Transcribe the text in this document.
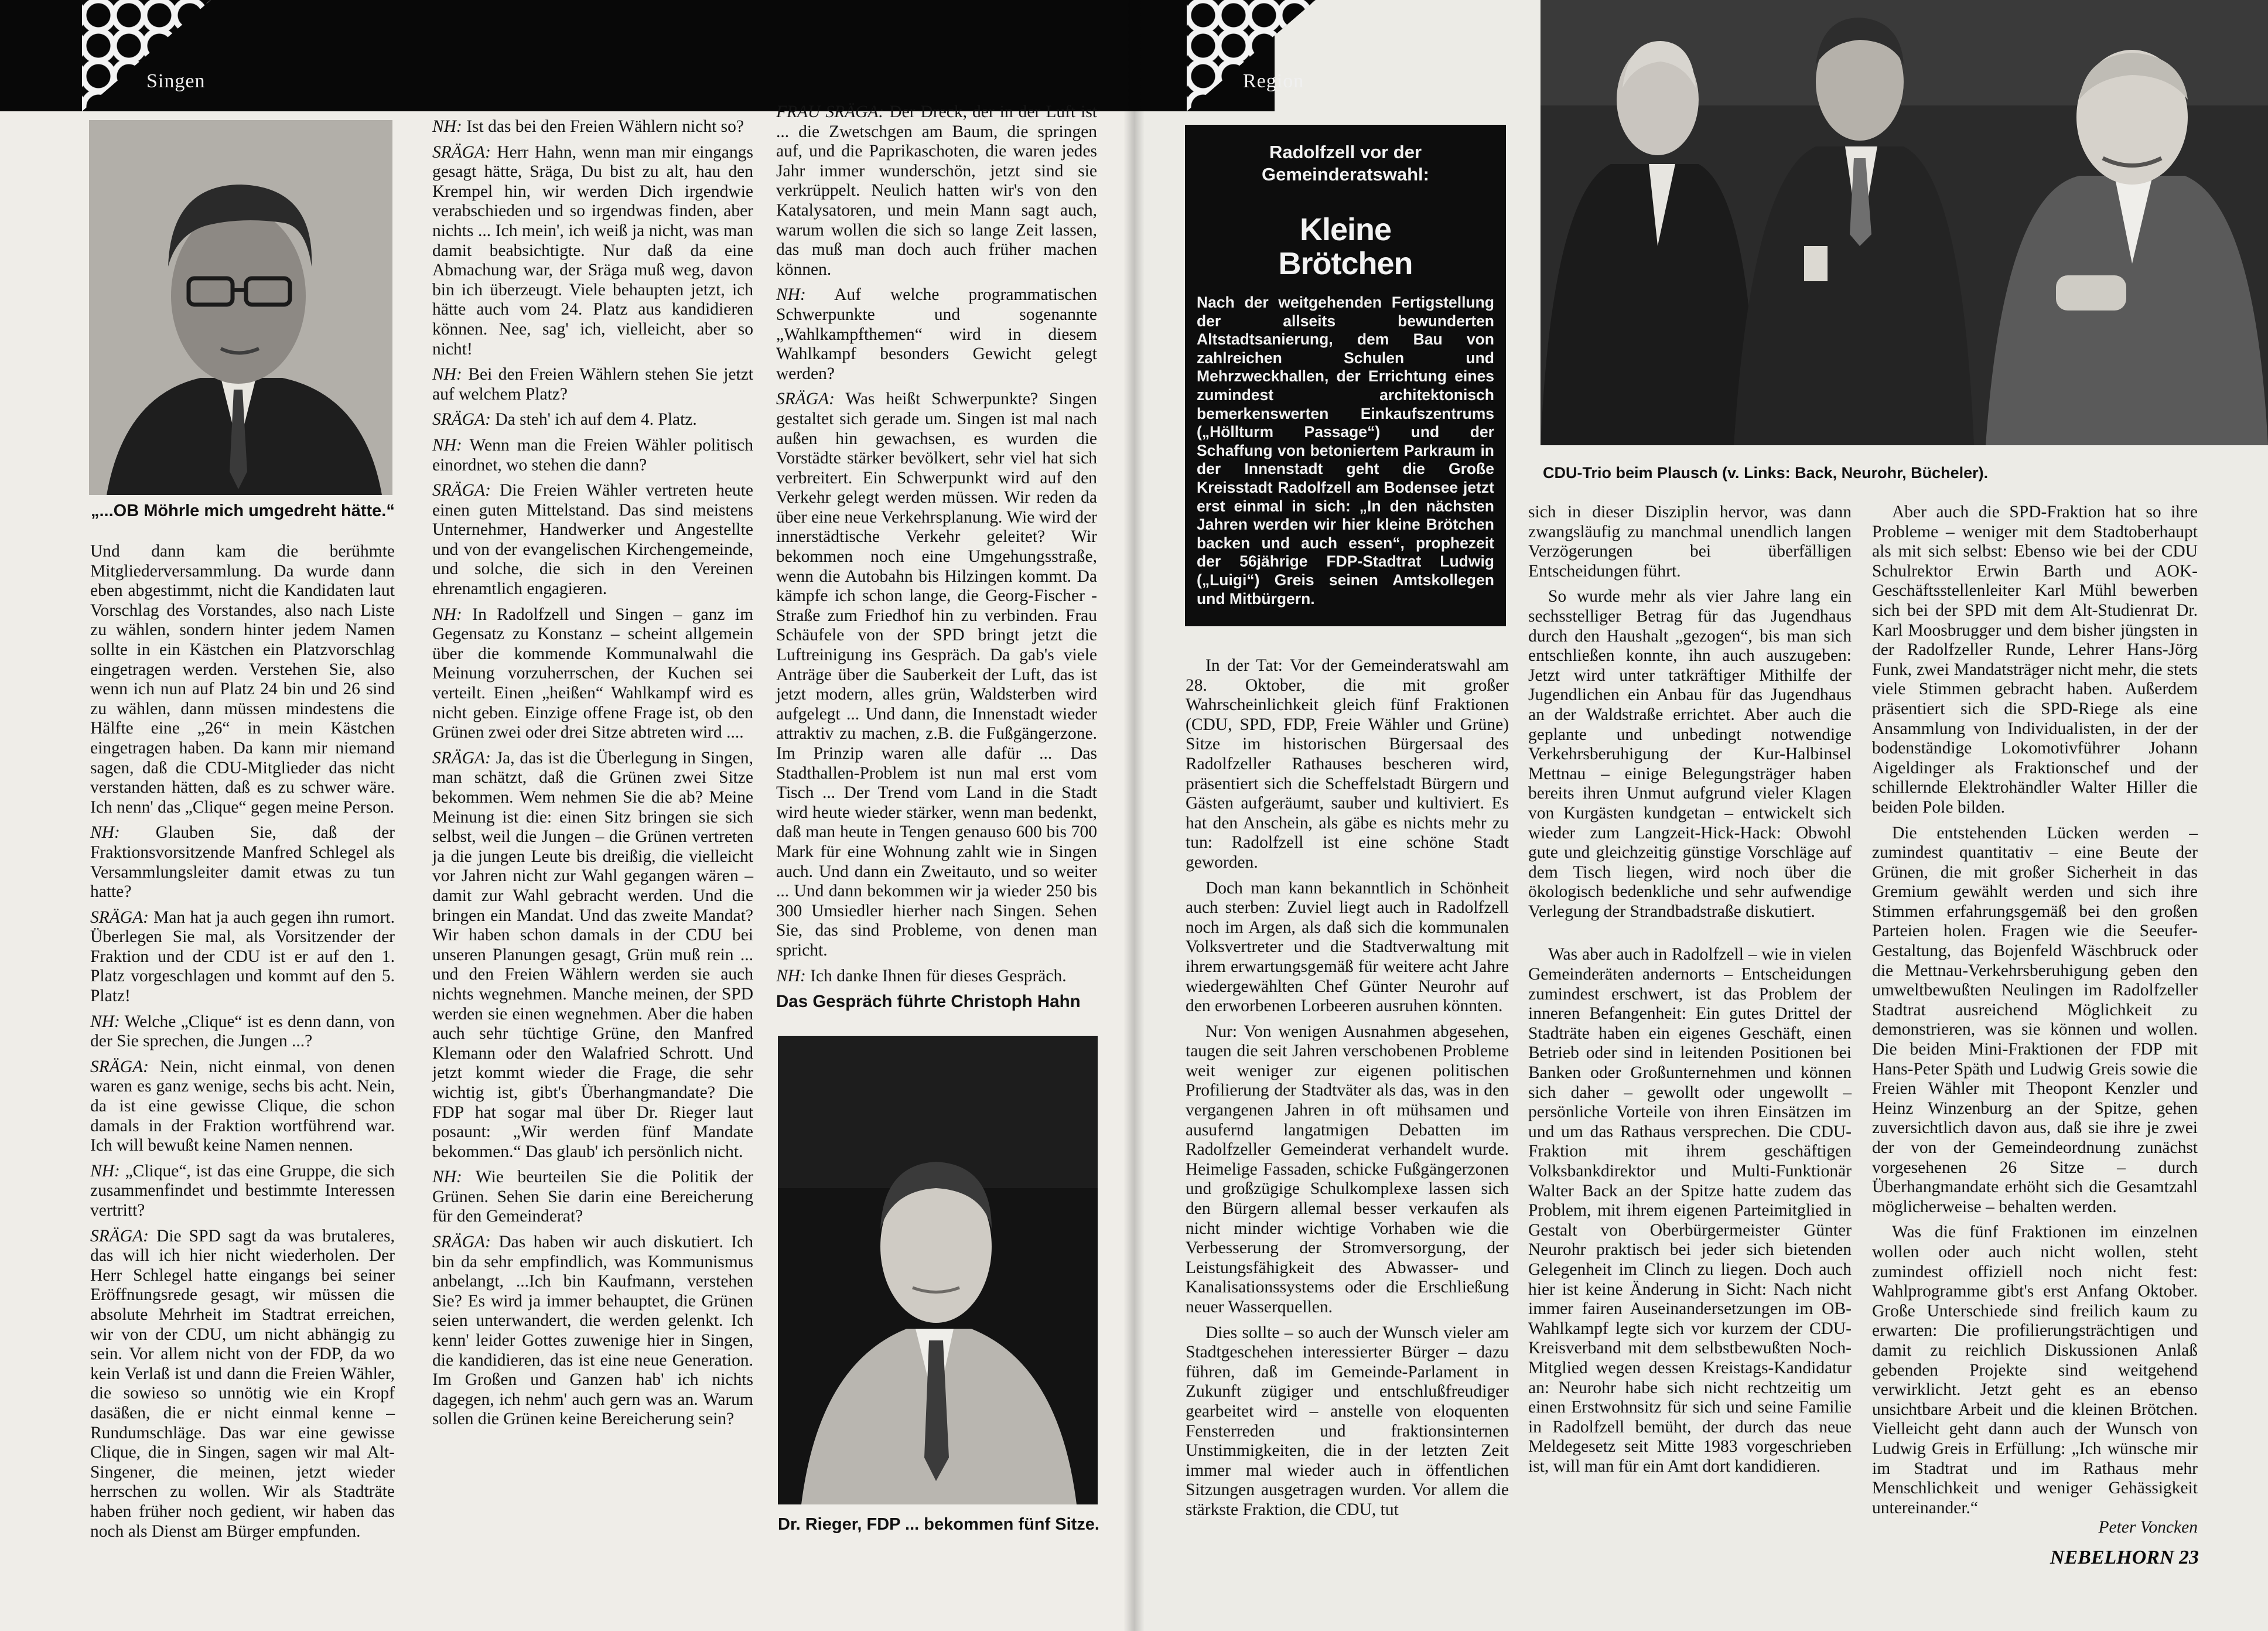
Singen
„...OB Möhrle mich umgedreht hätte.“

Und dann kam die berühmte Mitgliederversammlung. Da wurde dann eben abgestimmt, nicht die Kandidaten laut Vorschlag des Vorstandes, also nach Liste zu wählen, sondern hinter jedem Namen sollte in ein Kästchen ein Platzvorschlag eingetragen werden. Verstehen Sie, also wenn ich nun auf Platz 24 bin und 26 sind zu wählen, dann müssen mindestens die Hälfte eine „26“ in mein Kästchen eingetragen haben. Da kann mir niemand sagen, daß die CDU-Mitglieder das nicht verstanden hätten, daß es zu schwer wäre. Ich nenn' das „Clique“ gegen meine Person.

NH: Glauben Sie, daß der Fraktionsvorsitzende Manfred Schlegel als Versammlungsleiter damit etwas zu tun hatte?

SRÄGA: Man hat ja auch gegen ihn rumort. Überlegen Sie mal, als Vorsitzender der Fraktion und der CDU ist er auf den 1. Platz vorgeschlagen und kommt auf den 5. Platz!

NH: Welche „Clique“ ist es denn dann, von der Sie sprechen, die Jungen ...?

SRÄGA: Nein, nicht einmal, von denen waren es ganz wenige, sechs bis acht. Nein, da ist eine gewisse Clique, die schon damals in der Fraktion wortführend war. Ich will bewußt keine Namen nennen.

NH: „Clique“, ist das eine Gruppe, die sich zusammenfindet und bestimmte Interessen vertritt?

SRÄGA: Die SPD sagt da was brutaleres, das will ich hier nicht wiederholen. Der Herr Schlegel hatte eingangs bei seiner Eröffnungsrede gesagt, wir müssen die absolute Mehrheit im Stadtrat erreichen, wir von der CDU, um nicht abhängig zu sein. Vor allem nicht von der FDP, da wo kein Verlaß ist und dann die Freien Wähler, die sowieso so unnötig wie ein Kropf dasäßen, die er nicht einmal kenne – Rundumschläge. Das war eine gewisse Clique, die in Singen, sagen wir mal Alt-Singener, die meinen, jetzt wieder herrschen zu wollen. Wir als Stadträte haben früher noch gedient, wir haben das noch als Dienst am Bürger empfunden.

NH: Ist das bei den Freien Wählern nicht so?

SRÄGA: Herr Hahn, wenn man mir eingangs gesagt hätte, Sräga, Du bist zu alt, hau den Krempel hin, wir werden Dich irgendwie verabschieden und so irgendwas finden, aber nichts ... Ich mein', ich weiß ja nicht, was man damit beabsichtigte. Nur daß da eine Abmachung war, der Sräga muß weg, davon bin ich überzeugt. Viele behaupten jetzt, ich hätte auch vom 24. Platz aus kandidieren können. Nee, sag' ich, vielleicht, aber so nicht!

NH: Bei den Freien Wählern stehen Sie jetzt auf welchem Platz?

SRÄGA: Da steh' ich auf dem 4. Platz.

NH: Wenn man die Freien Wähler politisch einordnet, wo stehen die dann?

SRÄGA: Die Freien Wähler vertreten heute einen guten Mittelstand. Das sind meistens Unternehmer, Handwerker und Angestellte und von der evangelischen Kirchengemeinde, und solche, die sich in den Vereinen ehrenamtlich engagieren.

NH: In Radolfzell und Singen – ganz im Gegensatz zu Konstanz – scheint allgemein über die kommende Kommunalwahl die Meinung vorzuherrschen, der Kuchen sei verteilt. Einen „heißen“ Wahlkampf wird es nicht geben. Einzige offene Frage ist, ob den Grünen zwei oder drei Sitze abtreten wird ....

SRÄGA: Ja, das ist die Überlegung in Singen, man schätzt, daß die Grünen zwei Sitze bekommen. Wem nehmen Sie die ab? Meine Meinung ist die: einen Sitz bringen sie sich selbst, weil die Jungen – die Grünen vertreten ja die jungen Leute bis dreißig, die vielleicht vor Jahren nicht zur Wahl gegangen wären – damit zur Wahl gebracht werden. Und die bringen ein Mandat. Und das zweite Mandat? Wir haben schon damals in der CDU bei unseren Planungen gesagt, Grün muß rein ... und den Freien Wählern werden sie auch nichts wegnehmen. Manche meinen, der SPD werden sie einen wegnehmen. Aber die haben auch sehr tüchtige Grüne, den Manfred Klemann oder den Walafried Schrott. Und jetzt kommt wieder die Frage, die sehr wichtig ist, gibt's Überhangmandate? Die FDP hat sogar mal über Dr. Rieger laut posaunt: „Wir werden fünf Mandate bekommen.“ Das glaub' ich persönlich nicht.

NH: Wie beurteilen Sie die Politik der Grünen. Sehen Sie darin eine Bereicherung für den Gemeinderat?

SRÄGA: Das haben wir auch diskutiert. Ich bin da sehr empfindlich, was Kommunismus anbelangt, ...Ich bin Kaufmann, verstehen Sie? Es wird ja immer behauptet, die Grünen seien unterwandert, die werden gelenkt. Ich kenn' leider Gottes zuwenige hier in Singen, die kandidieren, das ist eine neue Generation. Im Großen und Ganzen hab' ich nichts dagegen, ich nehm' auch gern was an. Warum sollen die Grünen keine Bereicherung sein?

FRAU SRÄGA: Der Dreck, der in der Luft ist ... die Zwetschgen am Baum, die springen auf, und die Paprikaschoten, die waren jedes Jahr immer wunderschön, jetzt sind sie verkrüppelt. Neulich hatten wir's von den Katalysatoren, und mein Mann sagt auch, warum wollen die sich so lange Zeit lassen, das muß man doch auch früher machen können.

NH: Auf welche programmatischen Schwerpunkte und sogenannte „Wahlkampfthemen“ wird in diesem Wahlkampf besonders Gewicht gelegt werden?

SRÄGA: Was heißt Schwerpunkte? Singen gestaltet sich gerade um. Singen ist mal nach außen hin gewachsen, es wurden die Vorstädte stärker bevölkert, sehr viel hat sich verbreitert. Ein Schwerpunkt wird auf den Verkehr gelegt werden müssen. Wir reden da über eine neue Verkehrsplanung. Wie wird der innerstädtische Verkehr geleitet? Wir bekommen noch eine Umgehungsstraße, wenn die Autobahn bis Hilzingen kommt. Da kämpfe ich schon lange, die Georg-Fischer -Straße zum Friedhof hin zu verbinden. Frau Schäufele von der SPD bringt jetzt die Luftreinigung ins Gespräch. Da gab's viele Anträge über die Sauberkeit der Luft, das ist jetzt modern, alles grün, Waldsterben wird aufgelegt ... Und dann, die Innenstadt wieder attraktiv zu machen, z.B. die Fußgängerzone. Im Prinzip waren alle dafür ... Das Stadthallen-Problem ist nun mal erst vom Tisch ... Der Trend vom Land in die Stadt wird heute wieder stärker, wenn man bedenkt, daß man heute in Tengen genauso 600 bis 700 Mark für eine Wohnung zahlt wie in Singen auch. Und dann ein Zweitauto, und so weiter ... Und dann bekommen wir ja wieder 250 bis 300 Umsiedler hierher nach Singen. Sehen Sie, das sind Probleme, von denen man spricht.

NH: Ich danke Ihnen für dieses Gespräch.

Das Gespräch führte Christoph Hahn

Dr. Rieger, FDP ... bekommen fünf Sitze.
Region
CDU-Trio beim Plausch (v. Links: Back, Neurohr, Bücheler).

In der Tat: Vor der Gemeinderatswahl am 28. Oktober, die mit großer Wahrscheinlichkeit gleich fünf Fraktionen (CDU, SPD, FDP, Freie Wähler und Grüne) Sitze im historischen Bürgersaal des Radolfzeller Rathauses bescheren wird, präsentiert sich die Scheffelstadt Bürgern und Gästen aufgeräumt, sauber und kultiviert. Es hat den Anschein, als gäbe es nichts mehr zu tun: Radolfzell ist eine schöne Stadt geworden.

Doch man kann bekanntlich in Schönheit auch sterben: Zuviel liegt auch in Radolfzell noch im Argen, als daß sich die kommunalen Volksvertreter und die Stadtverwaltung mit ihrem erwartungsgemäß für weitere acht Jahre wiedergewählten Chef Günter Neurohr auf den erworbenen Lorbeeren ausruhen könnten.

Nur: Von wenigen Ausnahmen abgesehen, taugen die seit Jahren verschobenen Probleme weit weniger zur eigenen politischen Profilierung der Stadtväter als das, was in den vergangenen Jahren in oft mühsamen und ausufernd langatmigen Debatten im Radolfzeller Gemeinderat verhandelt wurde. Heimelige Fassaden, schicke Fußgängerzonen und großzügige Schulkomplexe lassen sich den Bürgern allemal besser verkaufen als nicht minder wichtige Vorhaben wie die Verbesserung der Stromversorgung, der Leistungsfähigkeit des Abwasser- und Kanalisationssystems oder die Erschließung neuer Wasserquellen.

Dies sollte – so auch der Wunsch vieler am Stadtgeschehen interessierter Bürger – dazu führen, daß im Gemeinde-Parlament in Zukunft zügiger und entschlußfreudiger gearbeitet wird – anstelle von eloquenten Fensterreden und fraktionsinternen Unstimmigkeiten, die in der letzten Zeit immer mal wieder auch in öffentlichen Sitzungen ausgetragen wurden. Vor allem die stärkste Fraktion, die CDU, tut

sich in dieser Disziplin hervor, was dann zwangsläufig zu manchmal unendlich langen Verzögerungen bei überfälligen Entscheidungen führt.

So wurde mehr als vier Jahre lang ein sechsstelliger Betrag für das Jugendhaus durch den Haushalt „gezogen“, bis man sich entschließen konnte, ihn auch auszugeben: Jetzt wird unter tatkräftiger Mithilfe der Jugendlichen ein Anbau für das Jugendhaus an der Waldstraße errichtet. Aber auch die geplante und unbedingt notwendige Verkehrsberuhigung der Kur-Halbinsel Mettnau – einige Belegungsträger haben bereits ihren Unmut aufgrund vieler Klagen von Kurgästen kundgetan – entwickelt sich wieder zum Langzeit-Hick-Hack: Obwohl gute und gleichzeitig günstige Vorschläge auf dem Tisch liegen, wird noch über die ökologisch bedenkliche und sehr aufwendige Verlegung der Strandbadstraße diskutiert.

Was aber auch in Radolfzell – wie in vielen Gemeinderäten andernorts – Entscheidungen zumindest erschwert, ist das Problem der inneren Befangenheit: Ein gutes Drittel der Stadträte haben ein eigenes Geschäft, einen Betrieb oder sind in leitenden Positionen bei Banken oder Großunternehmen und können sich daher – gewollt oder ungewollt – persönliche Vorteile von ihren Einsätzen im und um das Rathaus versprechen. Die CDU-Fraktion mit ihrem geschäftigen Volksbankdirektor und Multi-Funktionär Walter Back an der Spitze hatte zudem das Problem, mit ihrem eigenen Parteimitglied in Gestalt von Oberbürgermeister Günter Neurohr praktisch bei jeder sich bietenden Gelegenheit im Clinch zu liegen. Doch auch hier ist keine Änderung in Sicht: Nach nicht immer fairen Auseinandersetzungen im OB-Wahlkampf legte sich vor kurzem der CDU-Kreisverband mit dem selbstbewußten Noch-Mitglied wegen dessen Kreistags-Kandidatur an: Neurohr habe sich nicht rechtzeitig um einen Erstwohnsitz für sich und seine Familie in Radolfzell bemüht, der durch das neue Meldegesetz seit Mitte 1983 vorgeschrieben ist, will man für ein Amt dort kandidieren.

Aber auch die SPD-Fraktion hat so ihre Probleme – weniger mit dem Stadtoberhaupt als mit sich selbst: Ebenso wie bei der CDU Schulrektor Erwin Barth und AOK-Geschäftsstellenleiter Karl Mühl bewerben sich bei der SPD mit dem Alt-Studienrat Dr. Karl Moosbrugger und dem bisher jüngsten in der Radolfzeller Runde, Lehrer Hans-Jörg Funk, zwei Mandatsträger nicht mehr, die stets viele Stimmen gebracht haben. Außerdem präsentiert sich die SPD-Riege als eine Ansammlung von Individualisten, in der der bodenständige Lokomotivführer Johann Aigeldinger als Fraktionschef und der schillernde Elektrohändler Walter Hiller die beiden Pole bilden.

Die entstehenden Lücken werden – zumindest quantitativ – eine Beute der Grünen, die mit großer Sicherheit in das Gremium gewählt werden und sich ihre Stimmen erfahrungsgemäß bei den großen Parteien holen. Fragen wie die Seeufer-Gestaltung, das Bojenfeld Wäschbruck oder die Mettnau-Verkehrsberuhigung geben den umweltbewußten Neulingen im Radolfzeller Stadtrat ausreichend Möglichkeit zu demonstrieren, was sie können und wollen. Die beiden Mini-Fraktionen der FDP mit Hans-Peter Späth und Ludwig Greis sowie die Freien Wähler mit Theopont Kenzler und Heinz Winzenburg an der Spitze, gehen zuversichtlich davon aus, daß sie ihre je zwei der von der Gemeindeordnung zunächst vorgesehenen 26 Sitze – durch Überhangmandate erhöht sich die Gesamtzahl möglicherweise – behalten werden.

Was die fünf Fraktionen im einzelnen wollen oder auch nicht wollen, steht zumindest offiziell noch nicht fest: Wahlprogramme gibt's erst Anfang Oktober. Große Unterschiede sind freilich kaum zu erwarten: Die profilierungsträchtigen und damit zu reichlich Diskussionen Anlaß gebenden Projekte sind weitgehend verwirklicht. Jetzt geht es an ebenso unsichtbare Arbeit und die kleinen Brötchen. Vielleicht geht dann auch der Wunsch von Ludwig Greis in Erfüllung: „Ich wünsche mir im Stadtrat und im Rathaus mehr Menschlichkeit und weniger Gehässigkeit untereinander.“

Peter Voncken

NEBELHORN 23
Radolfzell vor der Gemeinderatswahl:
Kleine
Brötchen
Nach der weitgehenden Fertigstellung der allseits bewunderten Altstadtsanierung, dem Bau von zahlreichen Schulen und Mehrzweckhallen, der Errichtung eines zumindest architektonisch bemerkenswerten Einkaufszentrums („Höllturm Passage“) und der Schaffung von betoniertem Parkraum in der Innenstadt geht die Große Kreisstadt Radolfzell am Bodensee jetzt erst einmal in sich: „In den nächsten Jahren werden wir hier kleine Brötchen backen und auch essen“, prophezeit der 56jährige FDP-Stadtrat Ludwig („Luigi“) Greis seinen Amtskollegen und Mitbürgern.
